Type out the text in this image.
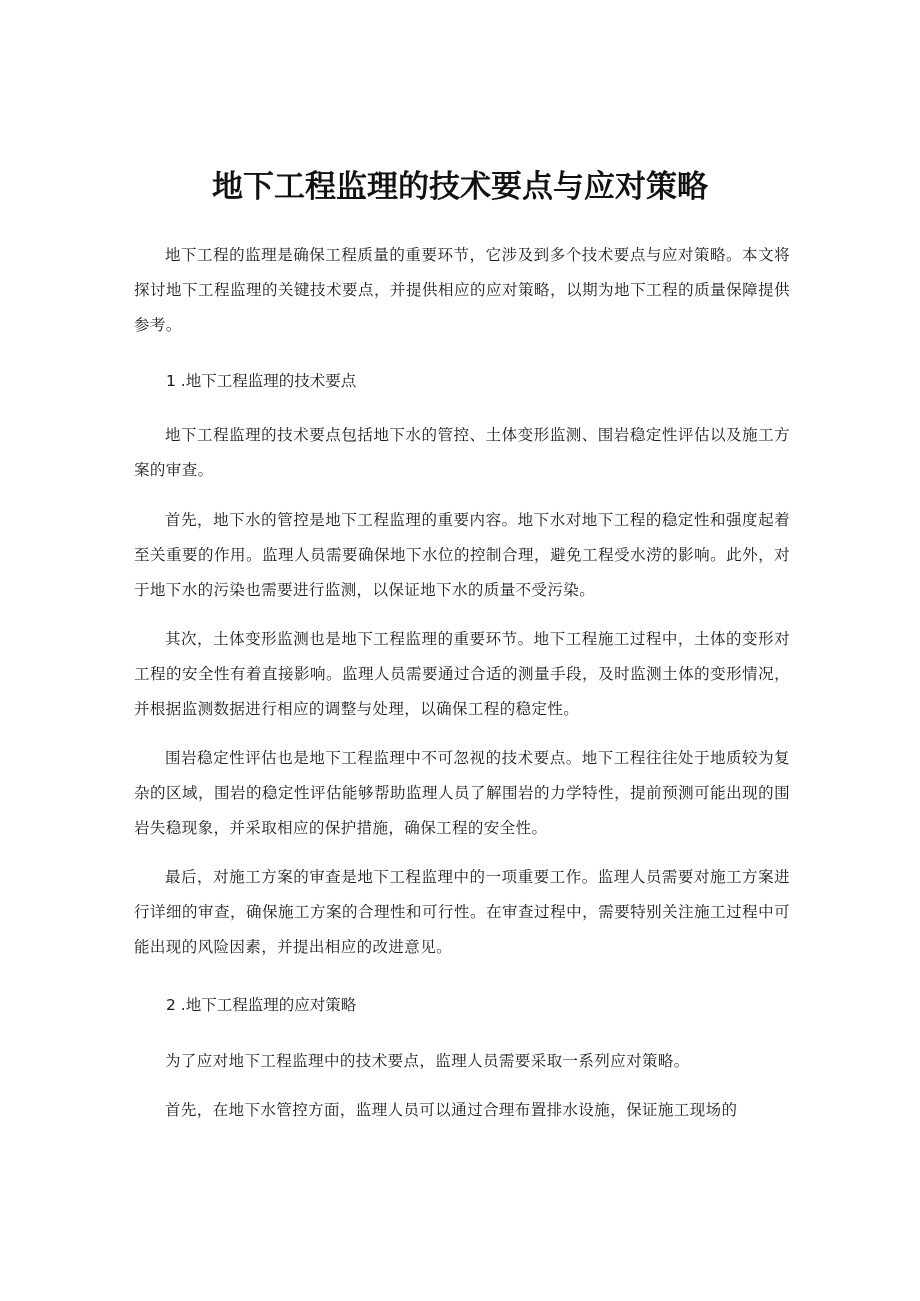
地下工程监理的技术要点与应对策略

地下工程的监理是确保工程质量的重要环节，它涉及到多个技术要点与应对策略。本文将探讨地下工程监理的关键技术要点，并提供相应的应对策略，以期为地下工程的质量保障提供参考。

1 .地下工程监理的技术要点

地下工程监理的技术要点包括地下水的管控、土体变形监测、围岩稳定性评估以及施工方案的审查。

首先，地下水的管控是地下工程监理的重要内容。地下水对地下工程的稳定性和强度起着至关重要的作用。监理人员需要确保地下水位的控制合理，避免工程受水涝的影响。此外，对于地下水的污染也需要进行监测，以保证地下水的质量不受污染。

其次，土体变形监测也是地下工程监理的重要环节。地下工程施工过程中，土体的变形对工程的安全性有着直接影响。监理人员需要通过合适的测量手段，及时监测土体的变形情况，并根据监测数据进行相应的调整与处理，以确保工程的稳定性。

围岩稳定性评估也是地下工程监理中不可忽视的技术要点。地下工程往往处于地质较为复杂的区域，围岩的稳定性评估能够帮助监理人员了解围岩的力学特性，提前预测可能出现的围岩失稳现象，并采取相应的保护措施，确保工程的安全性。

最后，对施工方案的审查是地下工程监理中的一项重要工作。监理人员需要对施工方案进行详细的审查，确保施工方案的合理性和可行性。在审查过程中，需要特别关注施工过程中可能出现的风险因素，并提出相应的改进意见。

2 .地下工程监理的应对策略

为了应对地下工程监理中的技术要点，监理人员需要采取一系列应对策略。

首先，在地下水管控方面，监理人员可以通过合理布置排水设施，保证施工现场的
